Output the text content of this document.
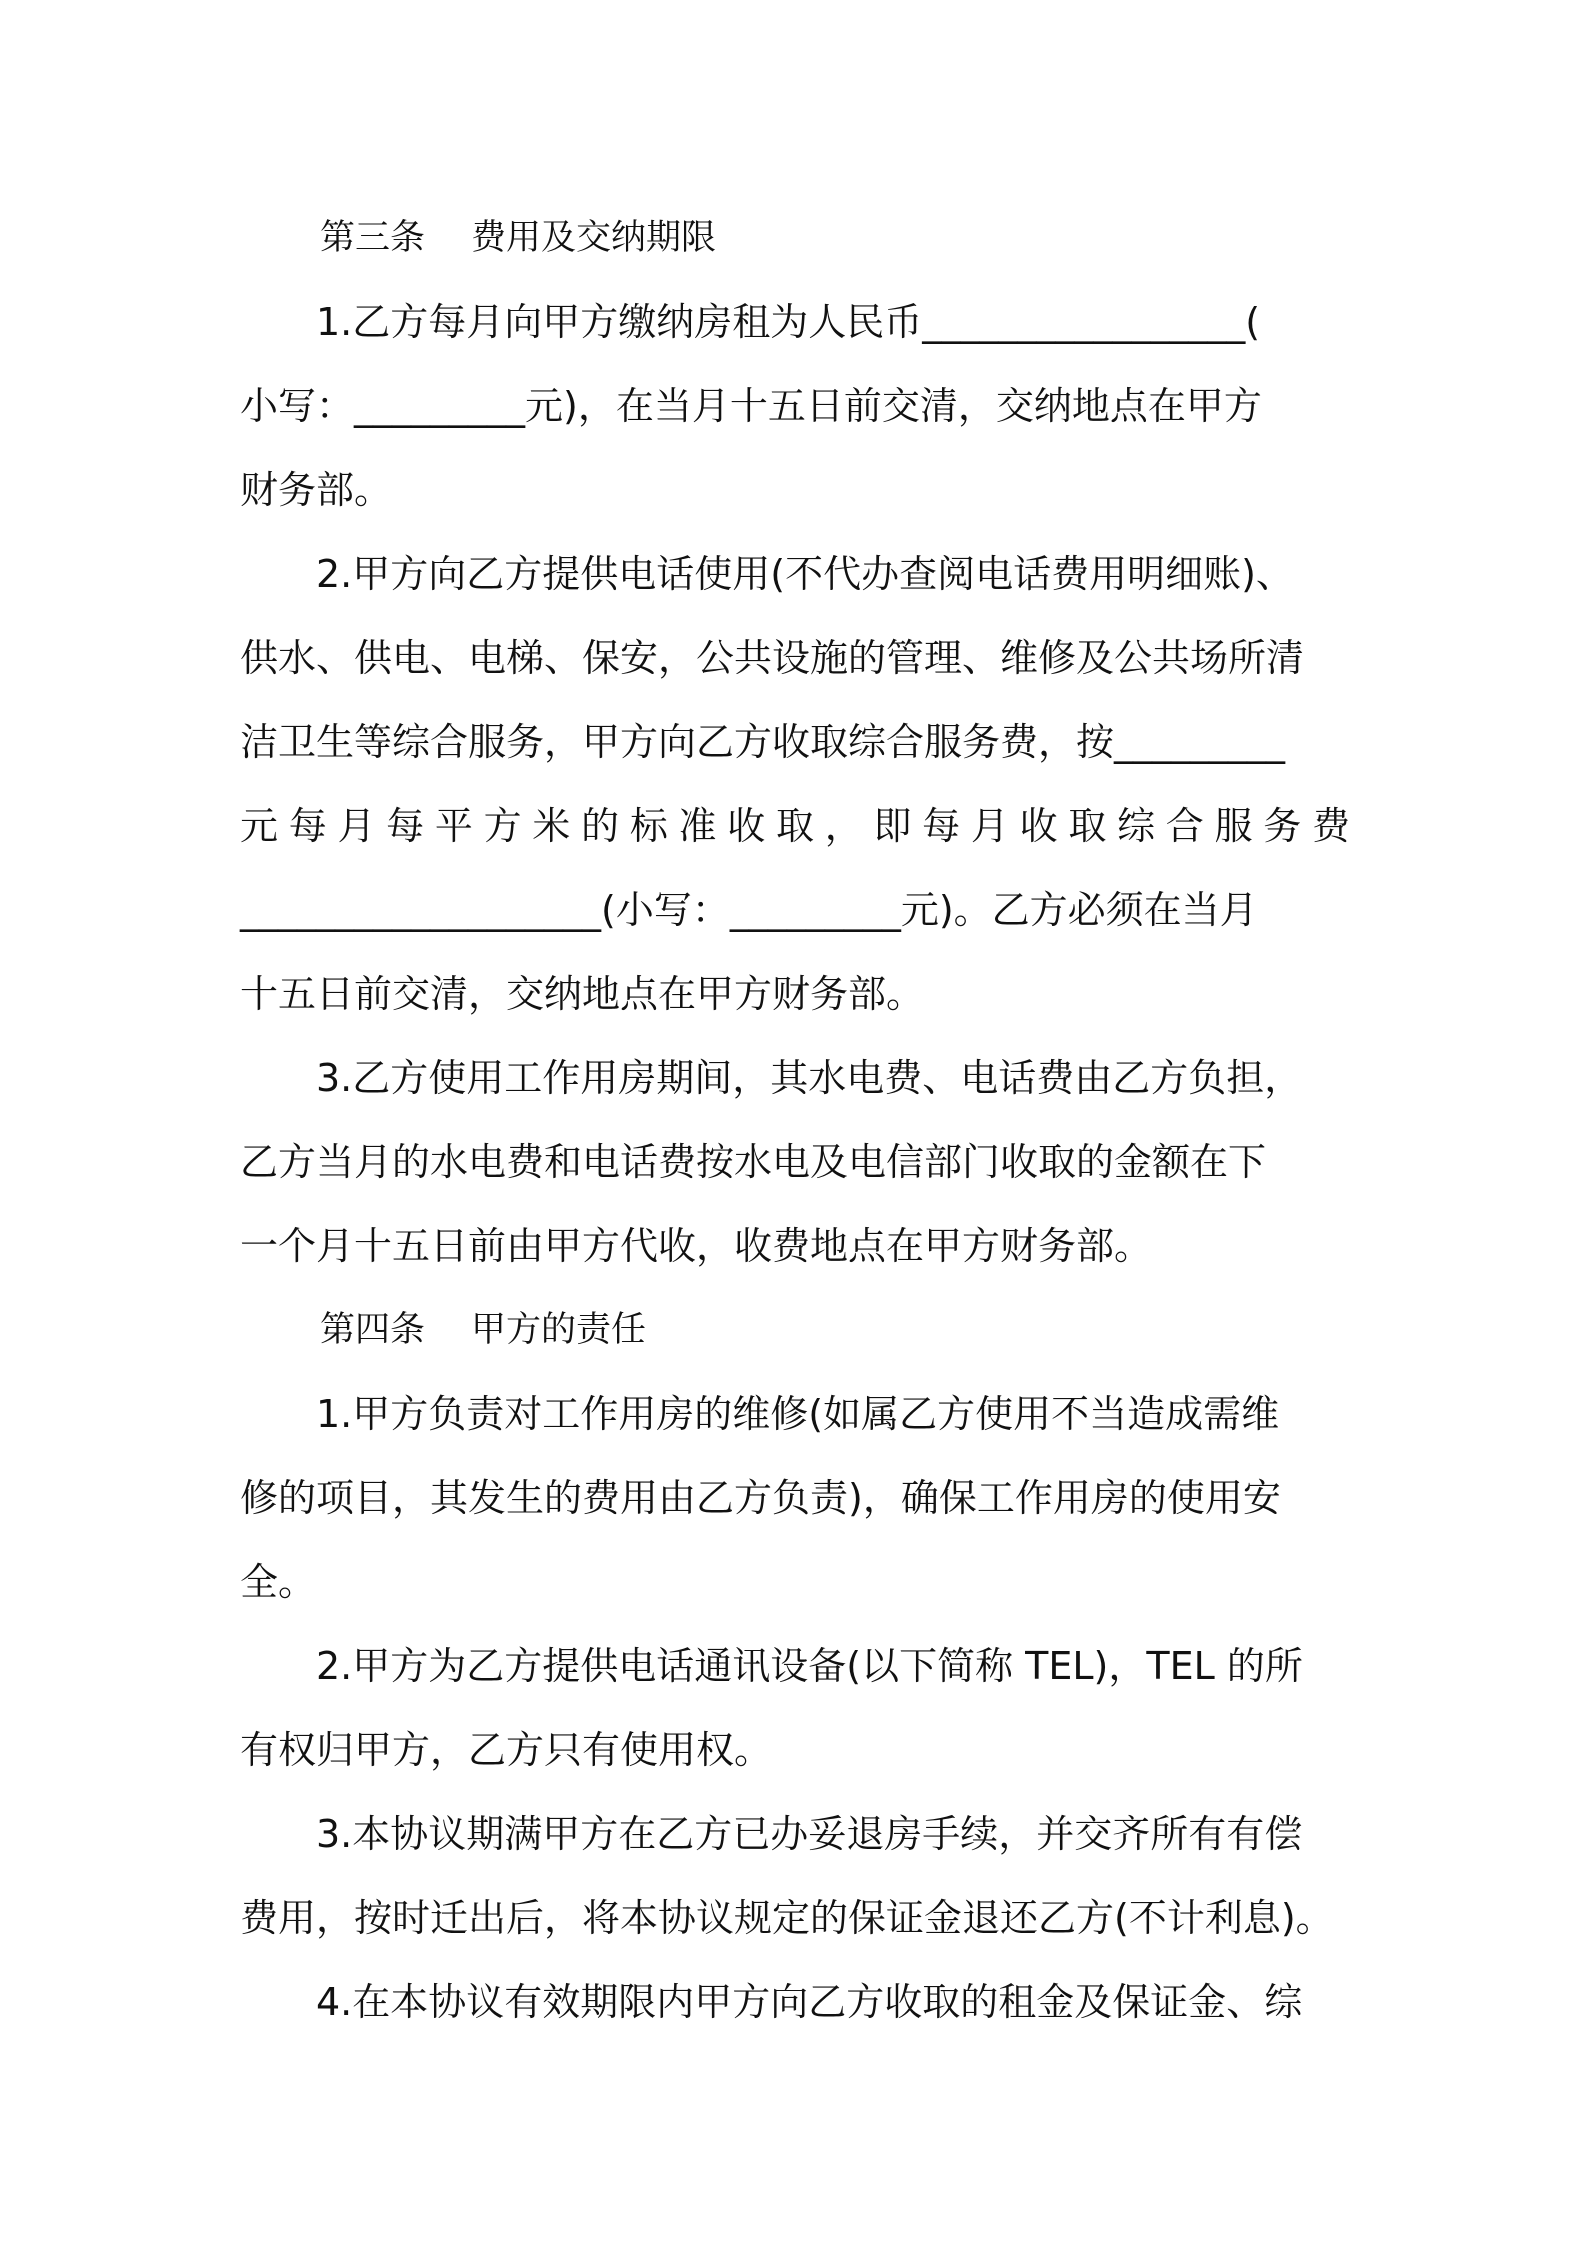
第三条 费用及交纳期限
　　1.乙方每月向甲方缴纳房租为人民币_________________(
小写：_________元)，在当月十五日前交清，交纳地点在甲方
财务部。
　　2.甲方向乙方提供电话使用(不代办查阅电话费用明细账)、
供水、供电、电梯、保安，公共设施的管理、维修及公共场所清
洁卫生等综合服务，甲方向乙方收取综合服务费，按_________
元每月每平方米的标准收取，即每月收取综合服务费
___________________(小写：_________元)。乙方必须在当月
十五日前交清，交纳地点在甲方财务部。
　　3.乙方使用工作用房期间，其水电费、电话费由乙方负担，
乙方当月的水电费和电话费按水电及电信部门收取的金额在下
一个月十五日前由甲方代收，收费地点在甲方财务部。
第四条 甲方的责任
　　1.甲方负责对工作用房的维修(如属乙方使用不当造成需维
修的项目，其发生的费用由乙方负责)，确保工作用房的使用安
全。
　　2.甲方为乙方提供电话通讯设备(以下简称 TEL)，TEL 的所
有权归甲方，乙方只有使用权。
　　3.本协议期满甲方在乙方已办妥退房手续，并交齐所有有偿
费用，按时迁出后，将本协议规定的保证金退还乙方(不计利息)。
　　4.在本协议有效期限内甲方向乙方收取的租金及保证金、综
